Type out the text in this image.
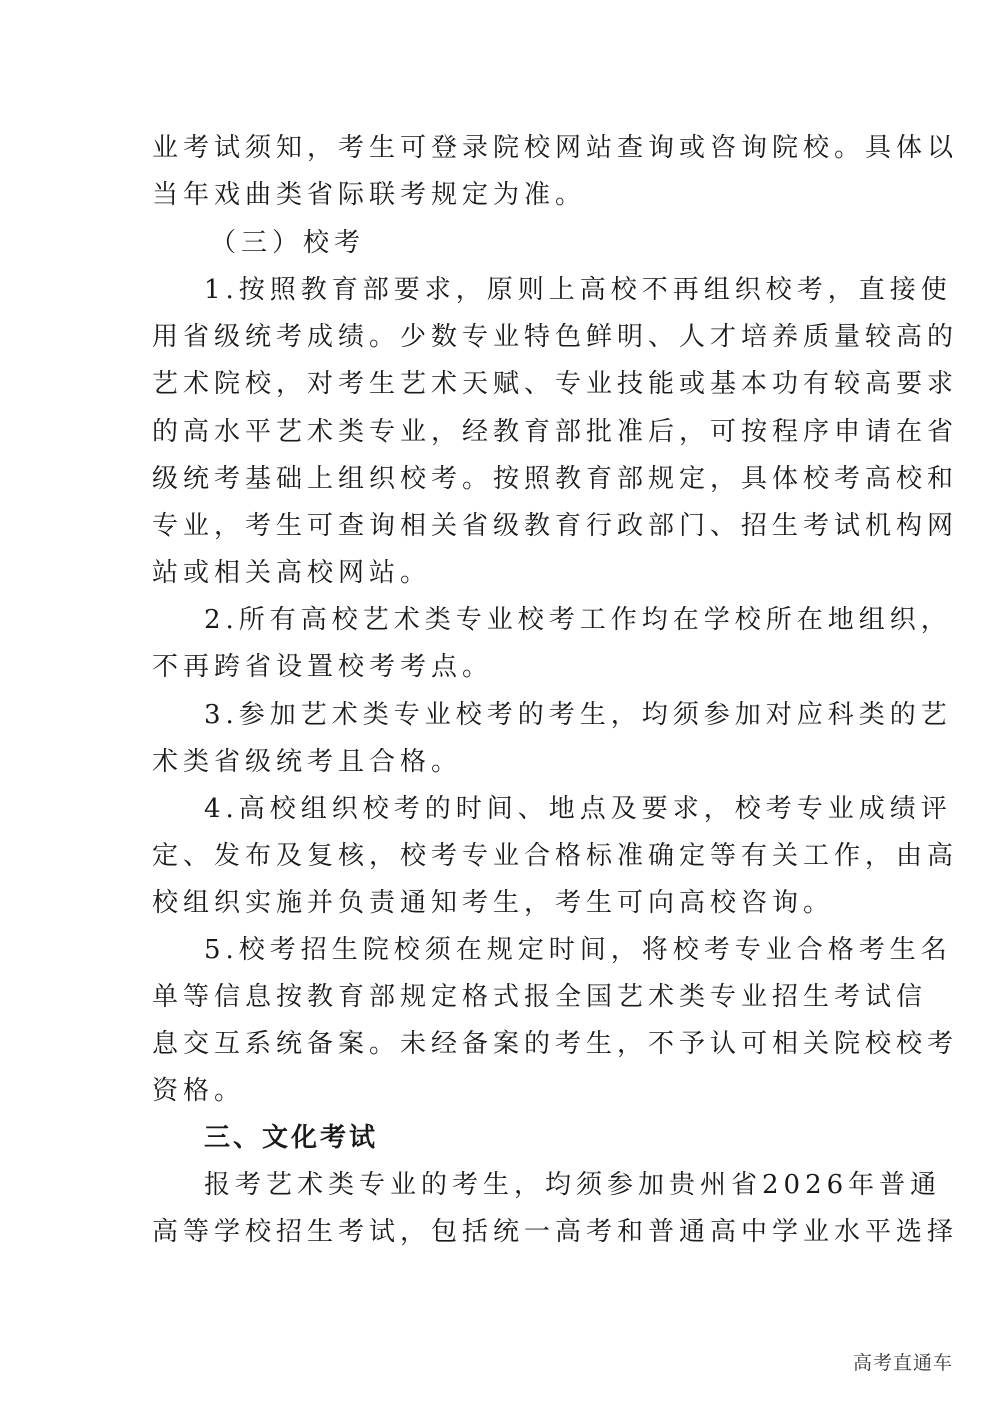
业考试须知，考生可登录院校网站查询或咨询院校。具体以
当年戏曲类省际联考规定为准。
（三）校考
1.按照教育部要求，原则上高校不再组织校考，直接使
用省级统考成绩。少数专业特色鲜明、人才培养质量较高的
艺术院校，对考生艺术天赋、专业技能或基本功有较高要求
的高水平艺术类专业，经教育部批准后，可按程序申请在省
级统考基础上组织校考。按照教育部规定，具体校考高校和
专业，考生可查询相关省级教育行政部门、招生考试机构网
站或相关高校网站。
2.所有高校艺术类专业校考工作均在学校所在地组织，
不再跨省设置校考考点。
3.参加艺术类专业校考的考生，均须参加对应科类的艺
术类省级统考且合格。
4.高校组织校考的时间、地点及要求，校考专业成绩评
定、发布及复核，校考专业合格标准确定等有关工作，由高
校组织实施并负责通知考生，考生可向高校咨询。
5.校考招生院校须在规定时间，将校考专业合格考生名
单等信息按教育部规定格式报全国艺术类专业招生考试信
息交互系统备案。未经备案的考生，不予认可相关院校校考
资格。
三、文化考试
报考艺术类专业的考生，均须参加贵州省2026年普通
高等学校招生考试，包括统一高考和普通高中学业水平选择
高考直通车
